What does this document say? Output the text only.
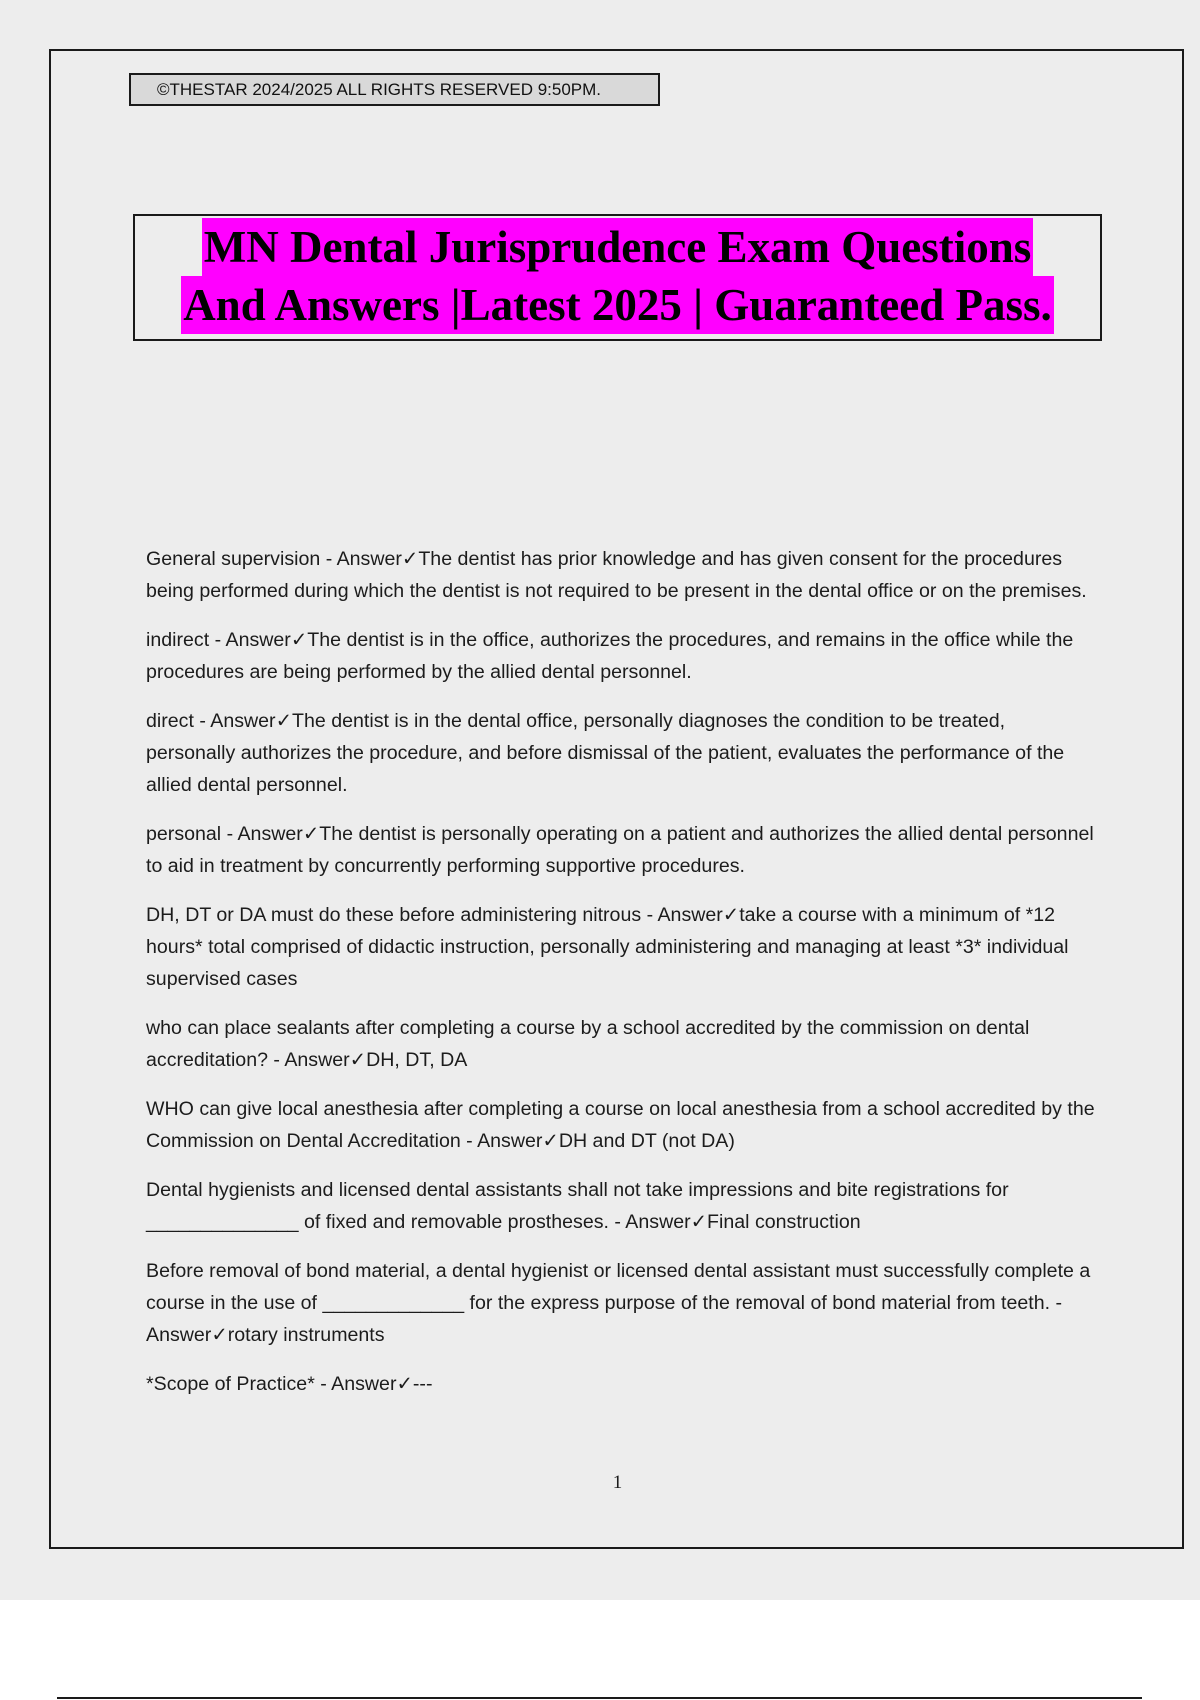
©THESTAR 2024/2025 ALL RIGHTS RESERVED 9:50PM.
MN Dental Jurisprudence Exam Questions
And Answers |Latest 2025 | Guaranteed Pass.

General supervision - Answer✓The dentist has prior knowledge and has given consent for the procedures being performed during which the dentist is not required to be present in the dental office or on the premises.

indirect - Answer✓The dentist is in the office, authorizes the procedures, and remains in the office while the procedures are being performed by the allied dental personnel.

direct - Answer✓The dentist is in the dental office, personally diagnoses the condition to be treated, personally authorizes the procedure, and before dismissal of the patient, evaluates the performance of the allied dental personnel.

personal - Answer✓The dentist is personally operating on a patient and authorizes the allied dental personnel to aid in treatment by concurrently performing supportive procedures.

DH, DT or DA must do these before administering nitrous - Answer✓take a course with a minimum of *12 hours* total comprised of didactic instruction, personally administering and managing at least *3* individual supervised cases

who can place sealants after completing a course by a school accredited by the commission on dental accreditation? - Answer✓DH, DT, DA

WHO can give local anesthesia after completing a course on local anesthesia from a school accredited by the Commission on Dental Accreditation - Answer✓DH and DT (not DA)

Dental hygienists and licensed dental assistants shall not take impressions and bite registrations for ______________ of fixed and removable prostheses. - Answer✓Final construction

Before removal of bond material, a dental hygienist or licensed dental assistant must successfully complete a course in the use of _____________ for the express purpose of the removal of bond material from teeth. - Answer✓rotary instruments

*Scope of Practice* - Answer✓---

1
